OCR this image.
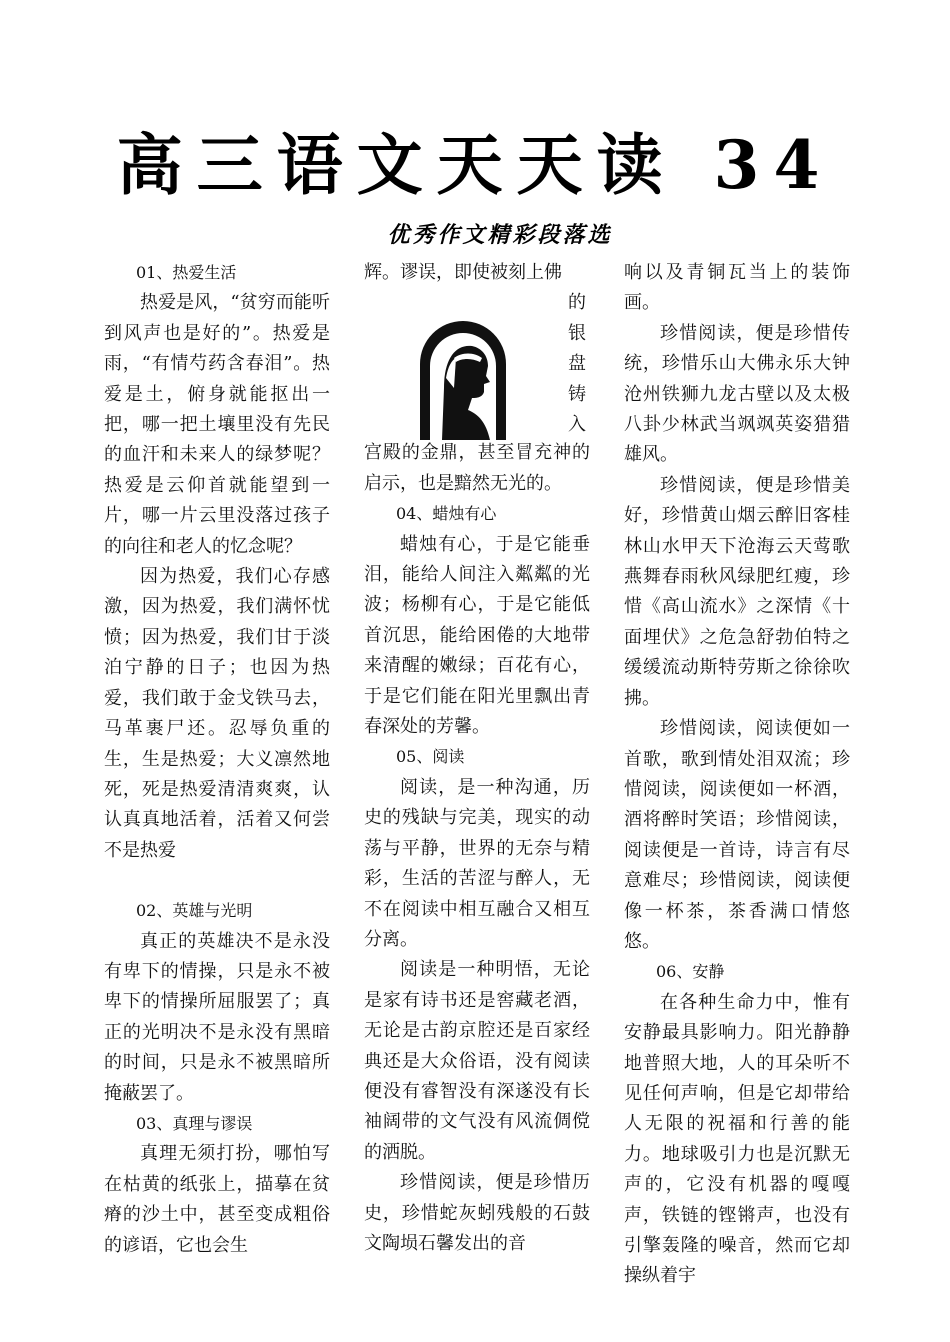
高三语文天天读 34
优秀作文精彩段落选
01、热爱生活

热爱是风，“贫穷而能听到风声也是好的”。热爱是雨，“有情芍药含春泪”。热爱是土，俯身就能抠出一把，哪一把土壤里没有先民的血汗和未来人的绿梦呢？热爱是云仰首就能望到一片，哪一片云里没落过孩子的向往和老人的忆念呢？

因为热爱，我们心存感激，因为热爱，我们满怀忧愤；因为热爱，我们甘于淡泊宁静的日子；也因为热爱，我们敢于金戈铁马去，马革裹尸还。忍辱负重的生，生是热爱；大义凛然地死，死是热爱清清爽爽，认认真真地活着，活着又何尝不是热爱

02、英雄与光明

真正的英雄决不是永没有卑下的情操，只是永不被卑下的情操所屈服罢了；真正的光明决不是永没有黑暗的时间，只是永不被黑暗所掩蔽罢了。

03、真理与谬误

真理无须打扮，哪怕写在枯黄的纸张上，描摹在贫瘠的沙土中，甚至变成粗俗的谚语，它也会生

辉。谬误，即使被刻上佛

的
银
盘
铸
入

宫殿的金鼎，甚至冒充神的启示，也是黯然无光的。

04、蜡烛有心

蜡烛有心，于是它能垂泪，能给人间注入粼粼的光波；杨柳有心，于是它能低首沉思，能给困倦的大地带来清醒的嫩绿；百花有心，于是它们能在阳光里飘出青春深处的芳馨。

05、阅读

阅读，是一种沟通，历史的残缺与完美，现实的动荡与平静，世界的无奈与精彩，生活的苦涩与醉人，无不在阅读中相互融合又相互分离。

阅读是一种明悟，无论是家有诗书还是窖藏老酒，无论是古韵京腔还是百家经典还是大众俗语，没有阅读便没有睿智没有深遂没有长袖阔带的文气没有风流倜傥的洒脱。

珍惜阅读，便是珍惜历史，珍惜蛇灰蚓残般的石鼓文陶埙石馨发出的音

响以及青铜瓦当上的装饰画。

珍惜阅读，便是珍惜传统，珍惜乐山大佛永乐大钟沧州铁狮九龙古壁以及太极八卦少林武当飒飒英姿猎猎雄风。

珍惜阅读，便是珍惜美好，珍惜黄山烟云醉旧客桂林山水甲天下沧海云天莺歌燕舞春雨秋风绿肥红瘦，珍惜《高山流水》之深情《十面埋伏》之危急舒勃伯特之缓缓流动斯特劳斯之徐徐吹拂。

珍惜阅读，阅读便如一首歌，歌到情处泪双流；珍惜阅读，阅读便如一杯酒，酒将醉时笑语；珍惜阅读，阅读便是一首诗，诗言有尽意难尽；珍惜阅读，阅读便像一杯茶，茶香满口情悠悠。

06、安静

在各种生命力中，惟有安静最具影响力。阳光静静地普照大地，人的耳朵听不见任何声响，但是它却带给人无限的祝福和行善的能力。地球吸引力也是沉默无声的，它没有机器的嘎嘎声，铁链的铿锵声，也没有引擎轰隆的噪音，然而它却操纵着宇
